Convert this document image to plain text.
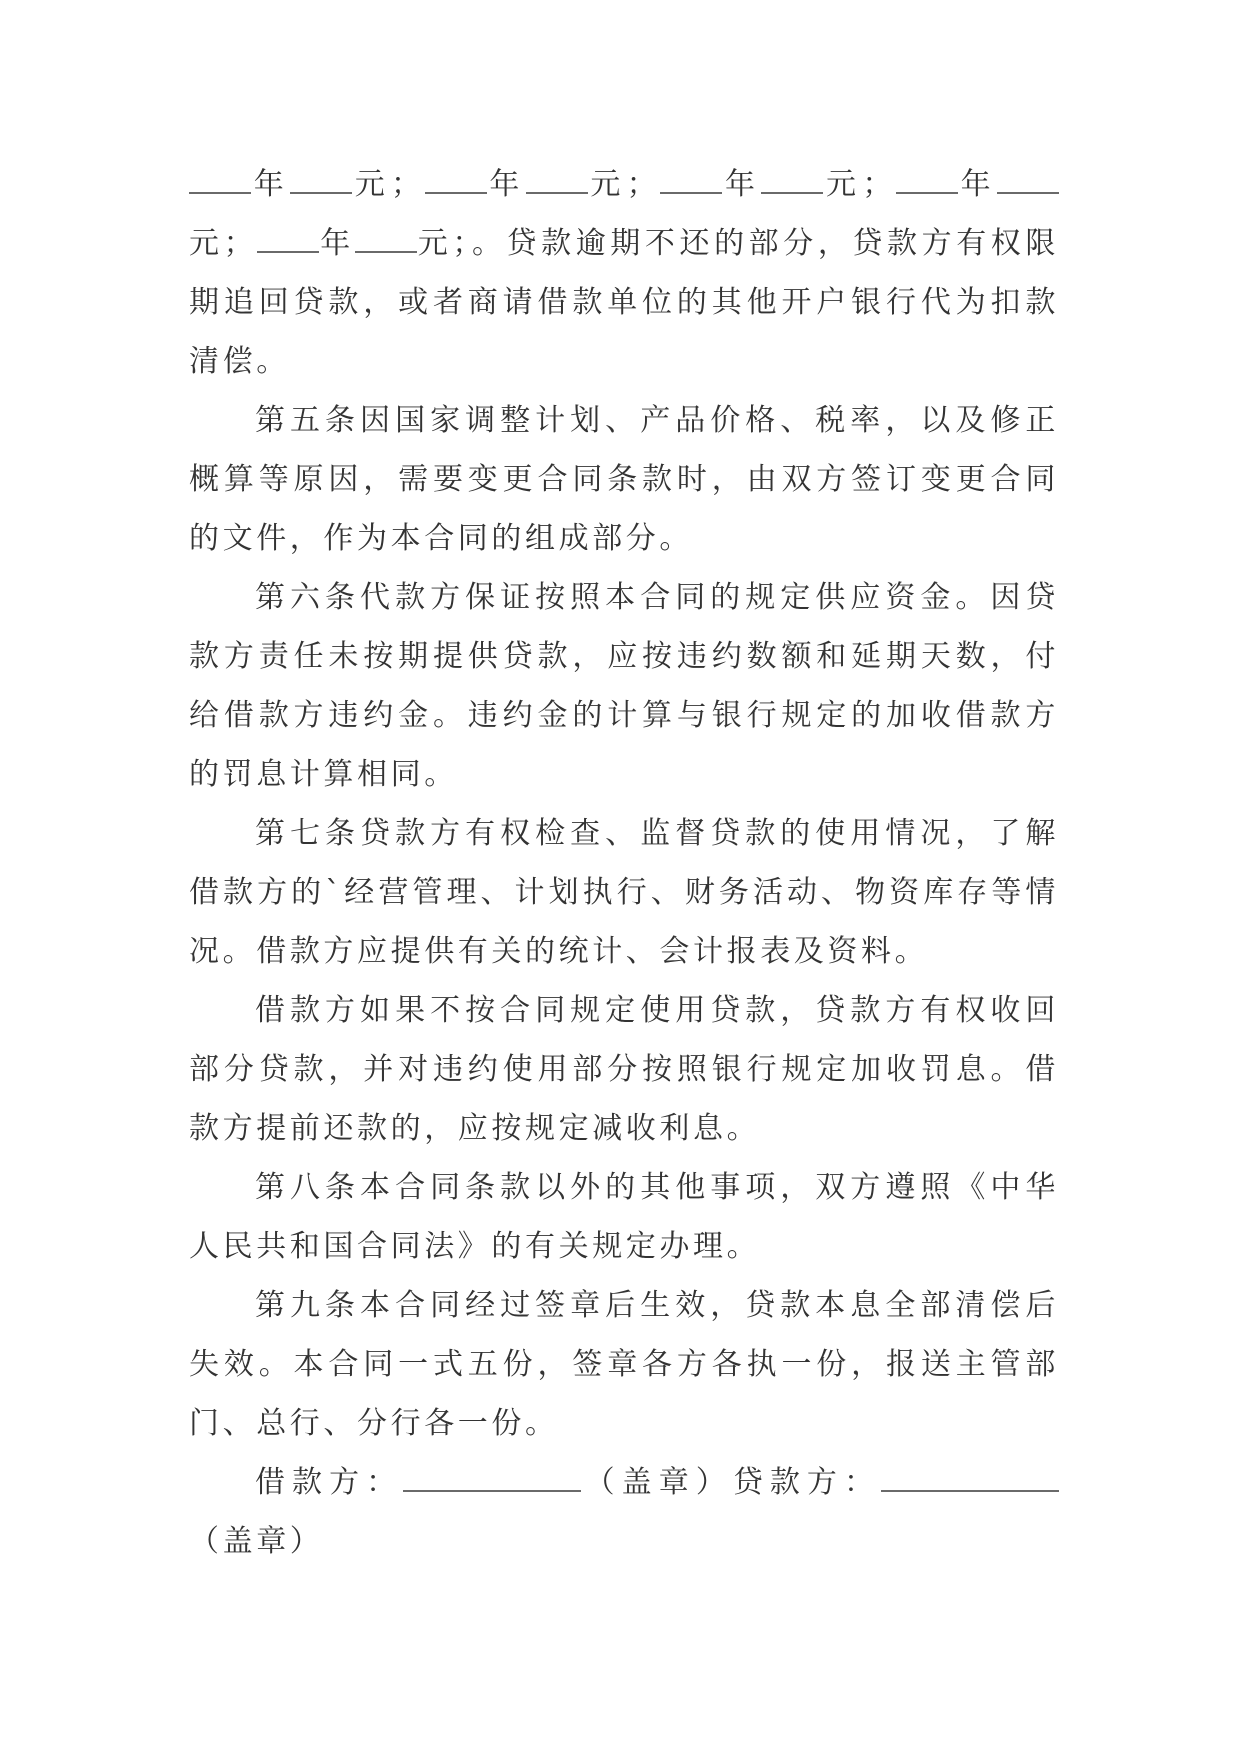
年 元； 年 元； 年 元； 年元； 年 元；。贷款逾期不还的部分，贷款方有权限期追回贷款，或者商请借款单位的其他开户银行代为扣款清偿。

第五条因国家调整计划、产品价格、税率，以及修正概算等原因，需要变更合同条款时，由双方签订变更合同的文件，作为本合同的组成部分。

第六条代款方保证按照本合同的规定供应资金。因贷款方责任未按期提供贷款，应按违约数额和延期天数，付给借款方违约金。违约金的计算与银行规定的加收借款方的罚息计算相同。

第七条贷款方有权检查、监督贷款的使用情况，了解借款方的`经营管理、计划执行、财务活动、物资库存等情况。借款方应提供有关的统计、会计报表及资料。

借款方如果不按合同规定使用贷款，贷款方有权收回部分贷款，并对违约使用部分按照银行规定加收罚息。借款方提前还款的，应按规定减收利息。

第八条本合同条款以外的其他事项，双方遵照《中华人民共和国合同法》的有关规定办理。

第九条本合同经过签章后生效，贷款本息全部清偿后失效。本合同一式五份，签章各方各执一份，报送主管部门、总行、分行各一份。

借款方：	（盖章）贷款方：（盖章）
